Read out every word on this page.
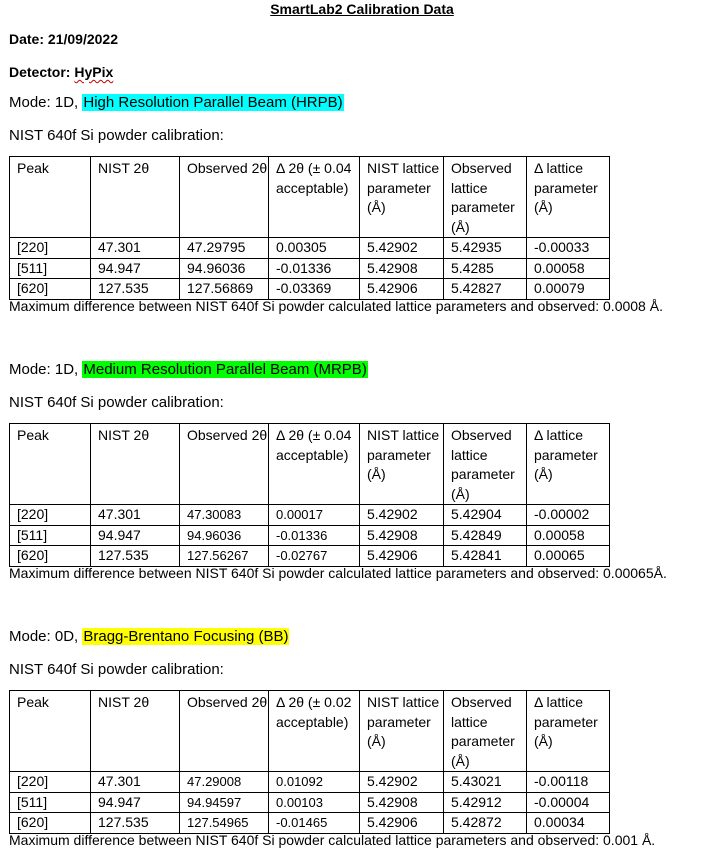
SmartLab2 Calibration Data
Date: 21/09/2022
Detector: HyPix
Mode: 1D, High Resolution Parallel Beam (HRPB)
NIST 640f Si powder calibration:
Peak	NIST 2θ	Observed 2θ	Δ 2θ (± 0.04 acceptable)	NIST lattice parameter (Å)	Observed lattice parameter (Å)	Δ lattice parameter (Å)
[220]	47.301	47.29795	0.00305	5.42902	5.42935	-0.00033
[511]	94.947	94.96036	-0.01336	5.42908	5.4285	0.00058
[620]	127.535	127.56869	-0.03369	5.42906	5.42827	0.00079
Maximum difference between NIST 640f Si powder calculated lattice parameters and observed: 0.0008 Å.
Mode: 1D, Medium Resolution Parallel Beam (MRPB)
NIST 640f Si powder calibration:
Peak	NIST 2θ	Observed 2θ	Δ 2θ (± 0.04 acceptable)	NIST lattice parameter (Å)	Observed lattice parameter (Å)	Δ lattice parameter (Å)
[220]	47.301	47.30083	0.00017	5.42902	5.42904	-0.00002
[511]	94.947	94.96036	-0.01336	5.42908	5.42849	0.00058
[620]	127.535	127.56267	-0.02767	5.42906	5.42841	0.00065
Maximum difference between NIST 640f Si powder calculated lattice parameters and observed: 0.00065Å.
Mode: 0D, Bragg-Brentano Focusing (BB)
NIST 640f Si powder calibration:
Peak	NIST 2θ	Observed 2θ	Δ 2θ (± 0.02 acceptable)	NIST lattice parameter (Å)	Observed lattice parameter (Å)	Δ lattice parameter (Å)
[220]	47.301	47.29008	0.01092	5.42902	5.43021	-0.00118
[511]	94.947	94.94597	0.00103	5.42908	5.42912	-0.00004
[620]	127.535	127.54965	-0.01465	5.42906	5.42872	0.00034
Maximum difference between NIST 640f Si powder calculated lattice parameters and observed: 0.001 Å.
